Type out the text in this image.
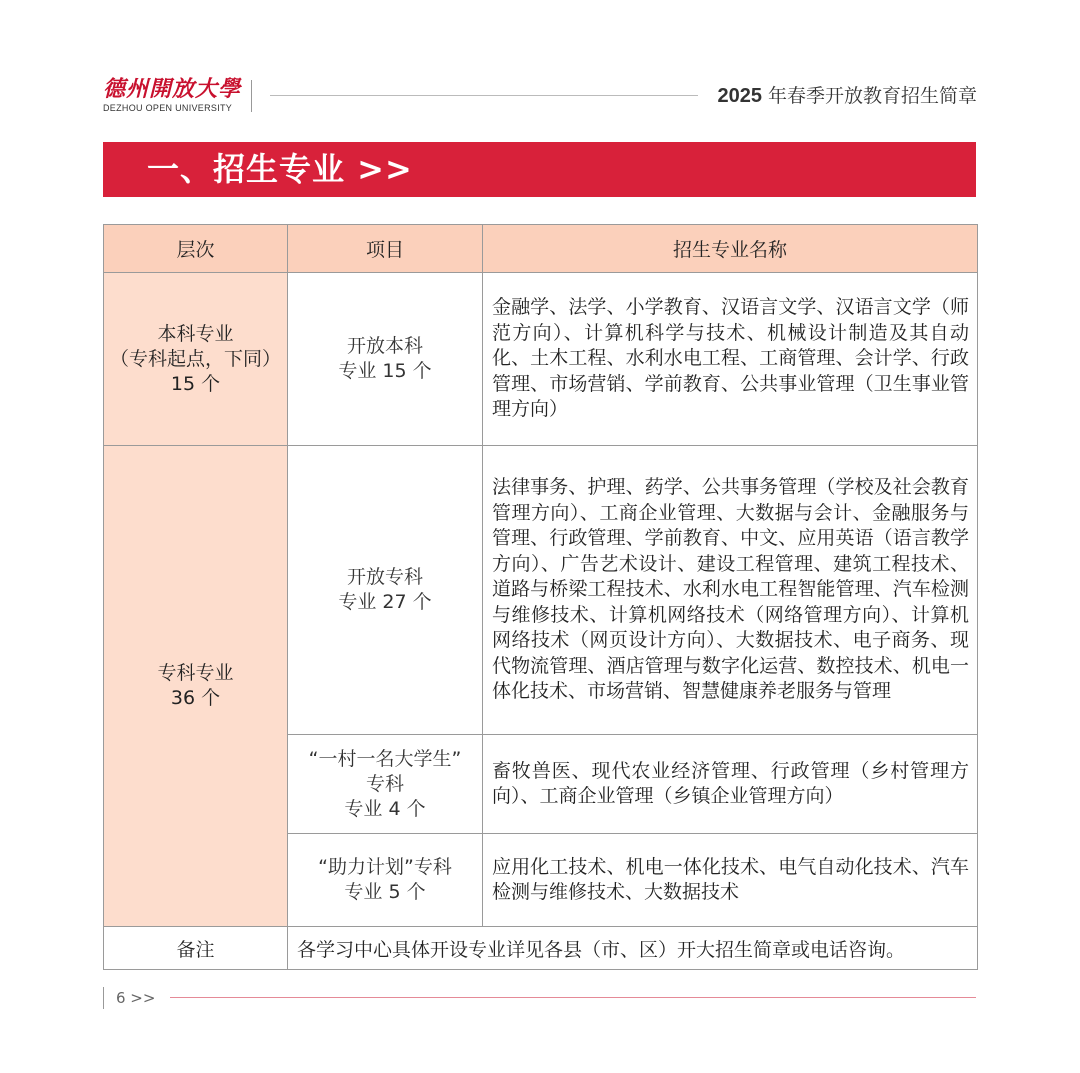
德州開放大學
DEZHOU OPEN UNIVERSITY
2025 年春季开放教育招生简章
一、招生专业 >>
层次	项目	招生专业名称

本科专业
（专科起点，下同）
15 个	开放本科
专业 15 个	金融学、法学、小学教育、汉语言文学、汉语言文学（师范方向）、计算机科学与技术、机械设计制造及其自动化、土木工程、水利水电工程、工商管理、会计学、行政管理、市场营销、学前教育、公共事业管理（卫生事业管理方向）

专科专业
36 个	开放专科
专业 27 个	法律事务、护理、药学、公共事务管理（学校及社会教育管理方向）、工商企业管理、大数据与会计、金融服务与管理、行政管理、学前教育、中文、应用英语（语言教学方向）、广告艺术设计、建设工程管理、建筑工程技术、道路与桥梁工程技术、水利水电工程智能管理、汽车检测与维修技术、计算机网络技术（网络管理方向）、计算机网络技术（网页设计方向）、大数据技术、电子商务、现代物流管理、酒店管理与数字化运营、数控技术、机电一体化技术、市场营销、智慧健康养老服务与管理

	“一村一名大学生”
专科
专业 4 个	畜牧兽医、现代农业经济管理、行政管理（乡村管理方向）、工商企业管理（乡镇企业管理方向）

	“助力计划”专科
专业 5 个	应用化工技术、机电一体化技术、电气自动化技术、汽车检测与维修技术、大数据技术
备注	各学习中心具体开设专业详见各县（市、区）开大招生简章或电话咨询。	
6 >>
